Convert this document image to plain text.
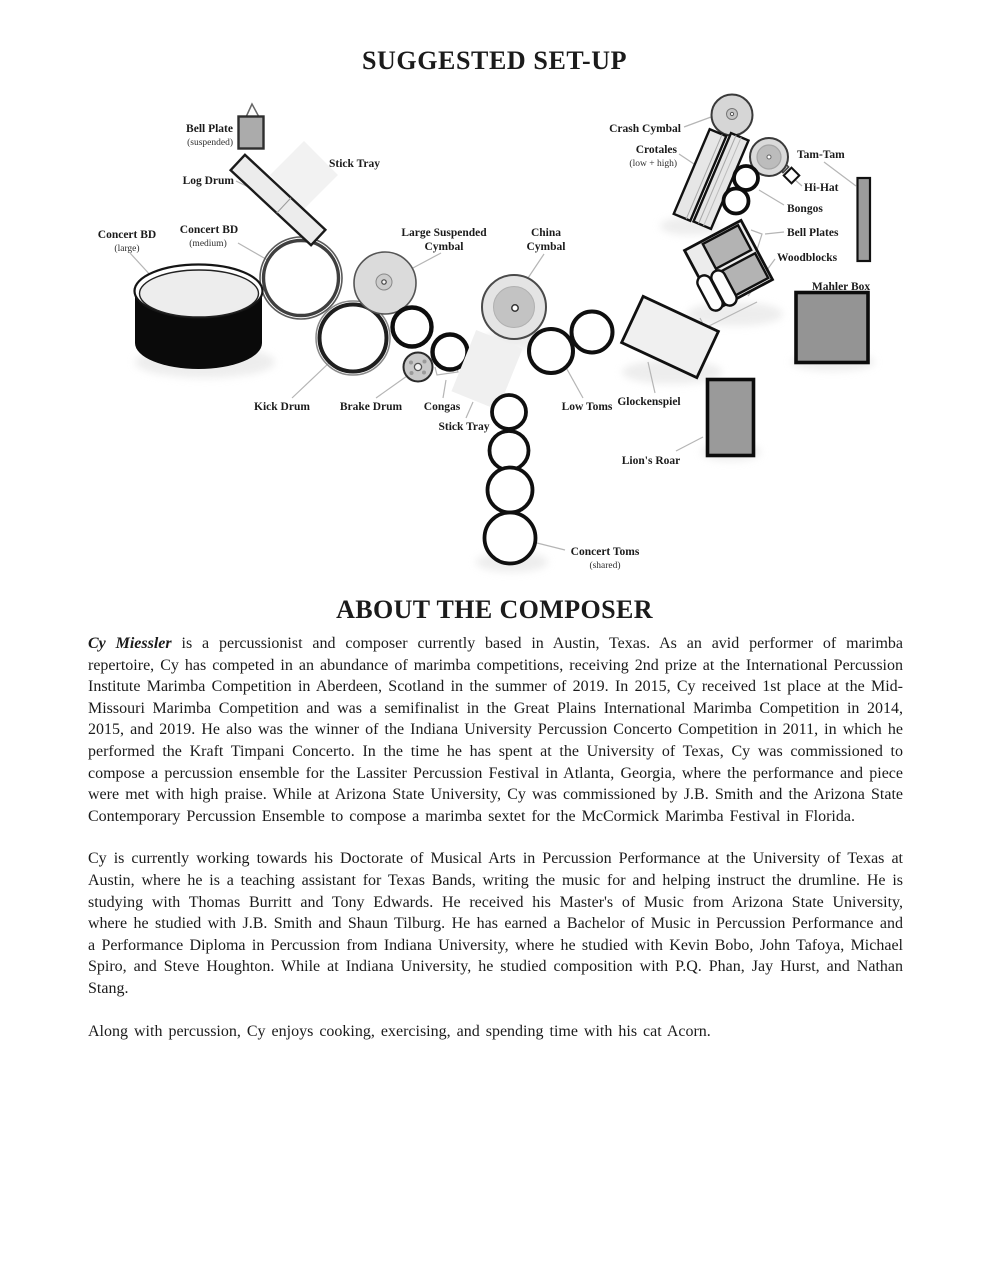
SUGGESTED SET-UP
Bell Plate
(suspended)
Stick Tray
Log Drum
Concert BD
(large)
Concert BD
(medium)
Large Suspended
Cymbal
China
Cymbal
Crash Cymbal
Crotales
(low + high)
Tam-Tam
Hi-Hat
Bongos
Bell Plates
Woodblocks
Mahler Box
Kick Drum	Brake Drum Congas
Stick Tray
Low Toms Glockenspiel
Lion's Roar
Concert Toms
(shared)
ABOUT THE COMPOSER

Cy Miessler is a percussionist and composer currently based in Austin, Texas. As an avid performer of marimba repertoire, Cy has competed in an abundance of marimba competitions, receiving 2nd prize at the International Percussion Institute Marimba Competition in Aberdeen, Scotland in the summer of 2019. In 2015, Cy received 1st place at the Mid-Missouri Marimba Competition and was a semifinalist in the Great Plains International Marimba Competition in 2014, 2015, and 2019. He also was the winner of the Indiana University Percussion Concerto Competition in 2011, in which he performed the Kraft Timpani Concerto. In the time he has spent at the University of Texas, Cy was commissioned to compose a percussion ensemble for the Lassiter Percussion Festival in Atlanta, Georgia, where the performance and piece were met with high praise. While at Arizona State University, Cy was commissioned by J.B. Smith and the Arizona State Contemporary Percussion Ensemble to compose a marimba sextet for the McCormick Marimba Festival in Florida.

Cy is currently working towards his Doctorate of Musical Arts in Percussion Performance at the University of Texas at Austin, where he is a teaching assistant for Texas Bands, writing the music for and helping instruct the drumline. He is studying with Thomas Burritt and Tony Edwards. He received his Master's of Music from Arizona State University, where he studied with J.B. Smith and Shaun Tilburg. He has earned a Bachelor of Music in Percussion Performance and a Performance Diploma in Percussion from Indiana University, where he studied with Kevin Bobo, John Tafoya, Michael Spiro, and Steve Houghton. While at Indiana University, he studied composition with P.Q. Phan, Jay Hurst, and Nathan Stang.

Along with percussion, Cy enjoys cooking, exercising, and spending time with his cat Acorn.
